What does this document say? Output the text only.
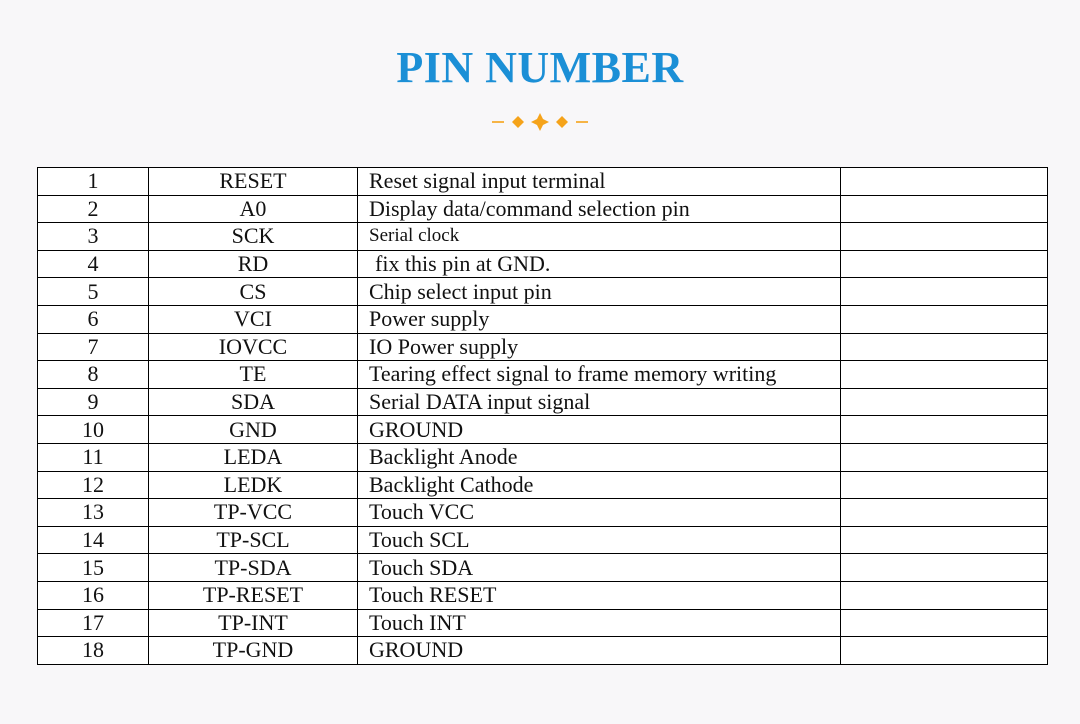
PIN NUMBER
1	RESET	Reset signal input terminal	
2	A0	Display data/command selection pin	
3	SCK	Serial clock	
4	RD	fix this pin at GND.	
5	CS	Chip select input pin	
6	VCI	Power supply	
7	IOVCC	IO Power supply	
8	TE	Tearing effect signal to frame memory writing	
9	SDA	Serial DATA input signal	
10	GND	GROUND	
11	LEDA	Backlight Anode	
12	LEDK	Backlight Cathode	
13	TP-VCC	Touch VCC	
14	TP-SCL	Touch SCL	
15	TP-SDA	Touch SDA	
16	TP-RESET	Touch RESET	
17	TP-INT	Touch INT	
18	TP-GND	GROUND	
